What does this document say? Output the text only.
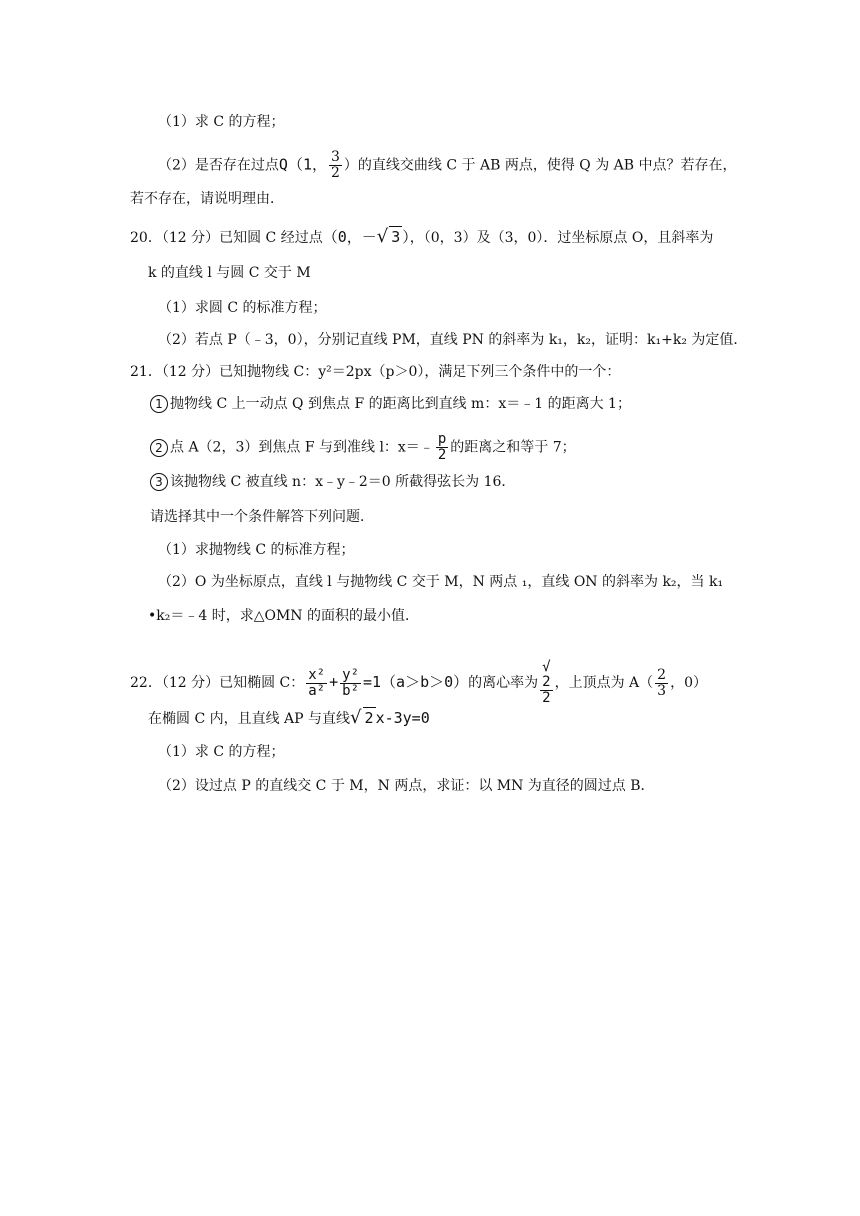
（1）求 C 的方程；
（2）是否存在过点Q（1， $\frac{3}{2}$ ）的直线交曲线 C 于 AB 两点，使得 Q 为 AB 中点？若存在，
若不存在，请说明理由．
20．（12 分）已知圆 C 经过点（0，－√ 3 ），（0，3）及（3，0）．过坐标原点 O，且斜率为
k 的直线 l 与圆 C 交于 M
（1）求圆 C 的标准方程；
（2）若点 P（﹣3，0），分别记直线 PM，直线 PN 的斜率为 k₁，k₂，证明：k₁+k₂ 为定值．
21．（12 分）已知抛物线 C：y²＝2px（p＞0），满足下列三个条件中的一个：
1 抛物线 C 上一动点 Q 到焦点 F 的距离比到直线 m：x＝﹣1 的距离大 1；
2 点 A（2，3）到焦点 F 与到准线 l：x＝﹣ $\frac{p}{2}$ 的距离之和等于 7；
3 该抛物线 C 被直线 n：x﹣y﹣2＝0 所截得弦长为 16．
请选择其中一个条件解答下列问题．
（1）求抛物线 C 的标准方程；
（2）O 为坐标原点，直线 l 与抛物线 C 交于 M，N 两点 ₁，直线 ON 的斜率为 k₂，当 k₁
•k₂＝﹣4 时，求△OMN 的面积的最小值．
22．（12 分）已知椭圆 C： $\frac{\text{x²}}{\text{a²}} + \frac{\text{y²}}{\text{b²}} =1(a>b>0)$的离心率为 √
2
2 ，上顶点为 $A( \frac{2}{3}$ ，0）
在椭圆 C 内，且直线 AP 与直线√ 2 x-3y=0
（1）求 C 的方程；
（2）设过点 P 的直线交 C 于 M，N 两点，求证：以 MN 为直径的圆过点 B．
